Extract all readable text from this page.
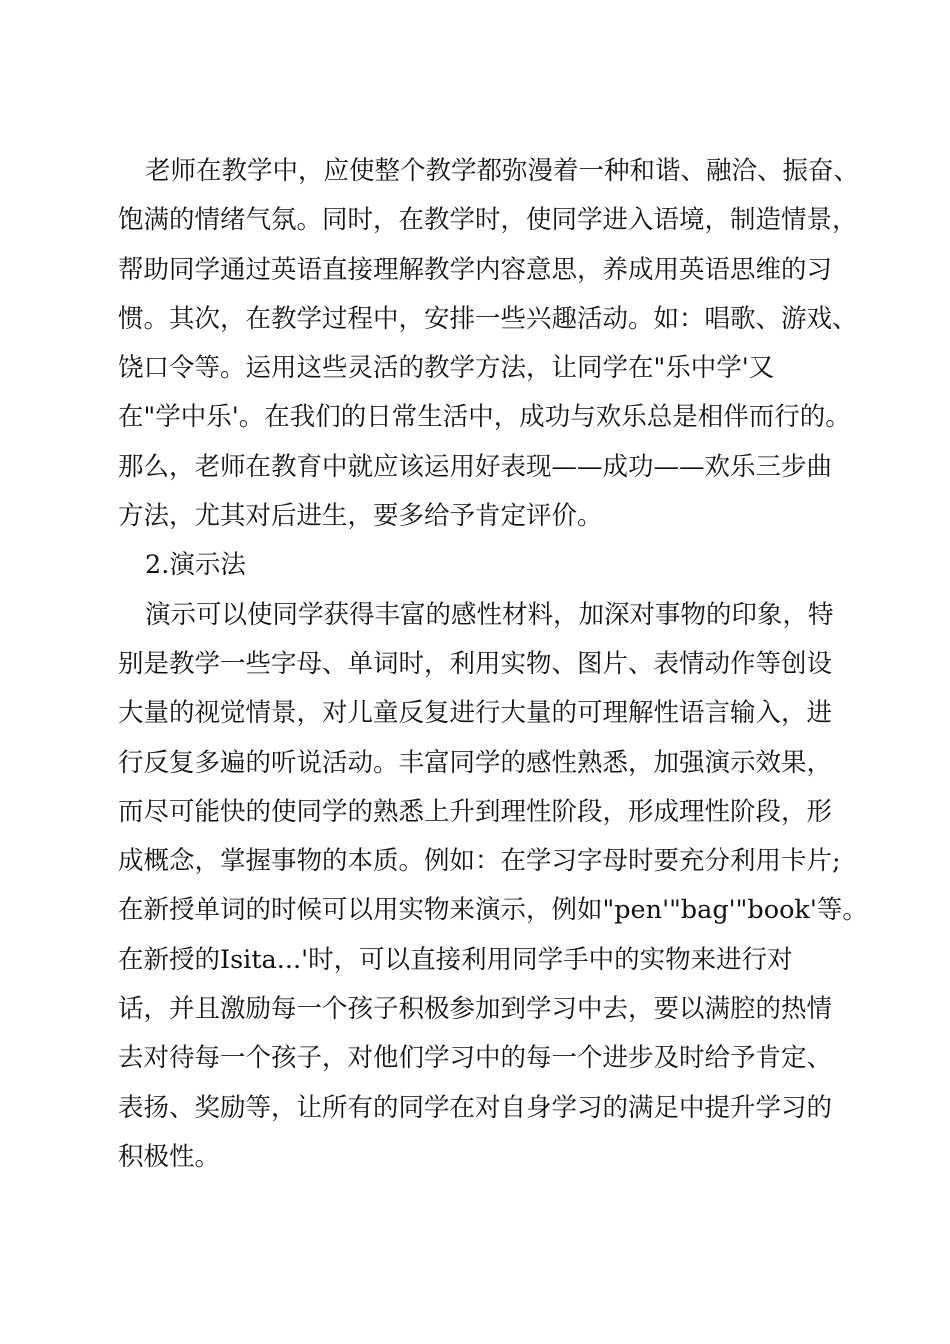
老师在教学中，应使整个教学都弥漫着一种和谐、融洽、振奋、
饱满的情绪气氛。同时，在教学时，使同学进入语境，制造情景，
帮助同学通过英语直接理解教学内容意思，养成用英语思维的习
惯。其次，在教学过程中，安排一些兴趣活动。如：唱歌、游戏、
饶口令等。运用这些灵活的教学方法，让同学在"乐中学'又
在"学中乐'。在我们的日常生活中，成功与欢乐总是相伴而行的。
那么，老师在教育中就应该运用好表现——成功——欢乐三步曲
方法，尤其对后进生，要多给予肯定评价。
2.演示法
演示可以使同学获得丰富的感性材料，加深对事物的印象，特
别是教学一些字母、单词时，利用实物、图片、表情动作等创设
大量的视觉情景，对儿童反复进行大量的可理解性语言输入，进
行反复多遍的听说活动。丰富同学的感性熟悉，加强演示效果，
而尽可能快的使同学的熟悉上升到理性阶段，形成理性阶段，形
成概念，掌握事物的本质。例如：在学习字母时要充分利用卡片;
在新授单词的时候可以用实物来演示，例如"pen'"bag'"book'等。
在新授的Isita...'时，可以直接利用同学手中的实物来进行对
话，并且激励每一个孩子积极参加到学习中去，要以满腔的热情
去对待每一个孩子，对他们学习中的每一个进步及时给予肯定、
表扬、奖励等，让所有的同学在对自身学习的满足中提升学习的
积极性。
